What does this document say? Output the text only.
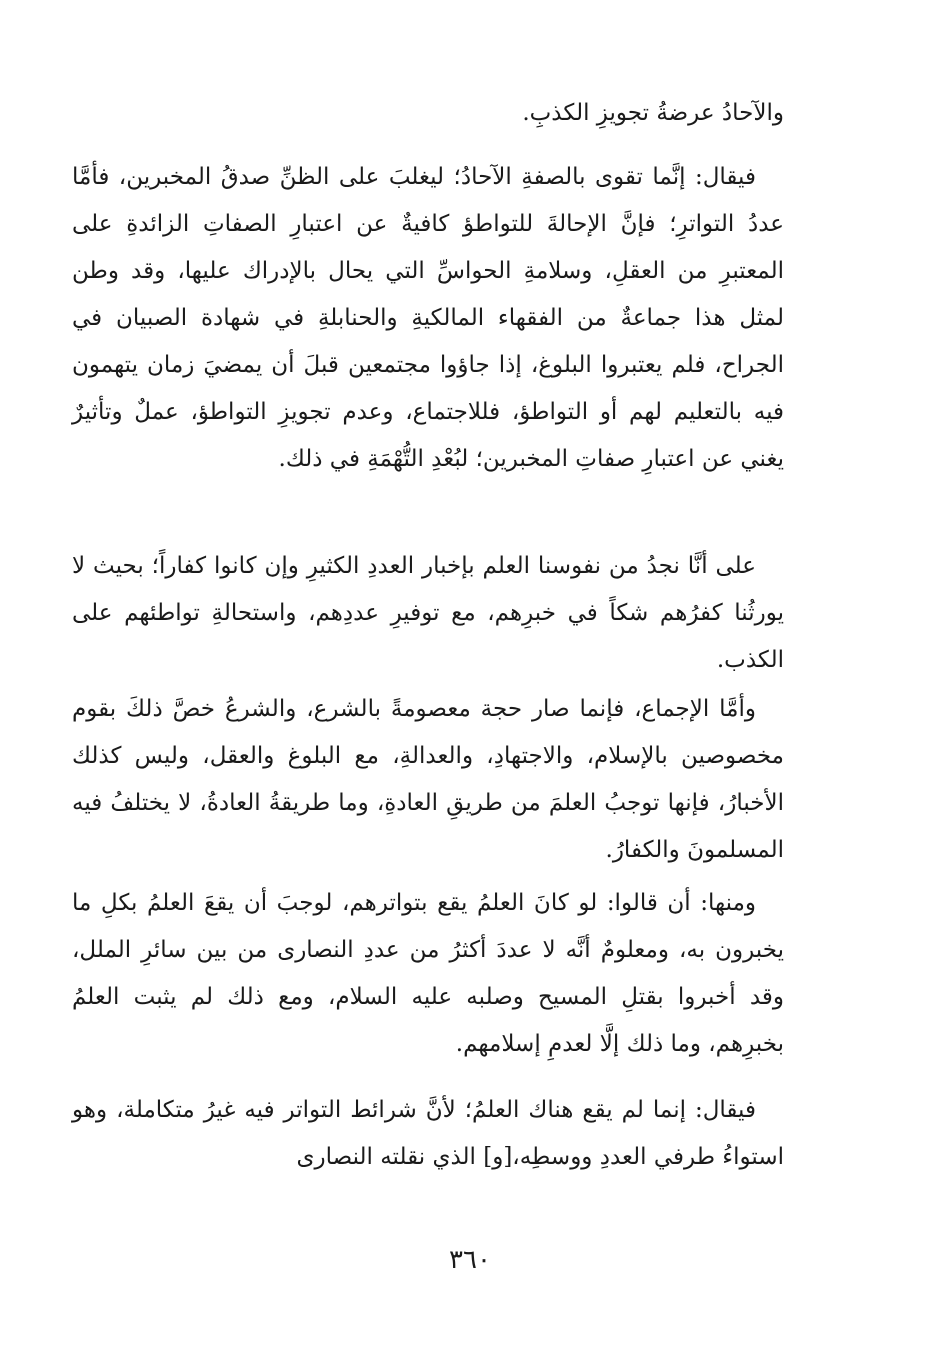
والآحادُ عرضةُ تجويزِ الكذبِ.

فيقال: إنَّما تقوى بالصفةِ الآحادُ؛ ليغلبَ على الظنِّ صدقُ المخبرين، فأمَّا عددُ التواترِ؛ فإنَّ الإحالةَ للتواطؤ كافيةٌ عن اعتبارِ الصفاتِ الزائدةِ على المعتبرِ من العقلِ، وسلامةِ الحواسِّ التي يحال بالإدراك عليها، وقد وطن لمثل هذا جماعةٌ من الفقهاء المالكيةِ والحنابلةِ في شهادة الصبيان في الجراح، فلم يعتبروا البلوغ، إذا جاؤوا مجتمعين قبلَ أن يمضيَ زمان يتهمون فيه بالتعليم لهم أو التواطؤ، فللاجتماع، وعدم تجويزِ التواطؤ، عملٌ وتأثيرٌ يغني عن اعتبارِ صفاتِ المخبرين؛ لبُعْدِ التُّهْمَةِ في ذلك.

على أنَّا نجدُ من نفوسنا العلم بإخبار العددِ الكثيرِ وإن كانوا كفاراً؛ بحيث لا يورثُنا كفرُهم شكاً في خبرِهم، مع توفيرِ عددِهم، واستحالةِ تواطئهم على الكذب.

وأمَّا الإجماع، فإنما صار حجة معصومةً بالشرع، والشرعُ خصَّ ذلكَ بقوم مخصوصين بالإسلام، والاجتهادِ، والعدالةِ، مع البلوغ والعقل، وليس كذلك الأخبارُ، فإنها توجبُ العلمَ من طريقِ العادةِ، وما طريقةُ العادةُ، لا يختلفُ فيه المسلمونَ والكفارُ.

ومنها: أن قالوا: لو كانَ العلمُ يقع بتواترهم، لوجبَ أن يقعَ العلمُ بكلِ ما يخبرون به، ومعلومٌ أنَّه لا عددَ أكثرُ من عددِ النصارى من بين سائرِ الملل، وقد أخبروا بقتلِ المسيح وصلبه عليه السلام، ومع ذلك لم يثبت العلمُ بخبرِهم، وما ذلك إلَّا لعدمِ إسلامهم.

فيقال: إنما لم يقع هناك العلمُ؛ لأنَّ شرائط التواتر فيه غيرُ متكاملة، وهو استواءُ طرفي العددِ ووسطِه،[و] الذي نقلته النصارى

٣٦٠
